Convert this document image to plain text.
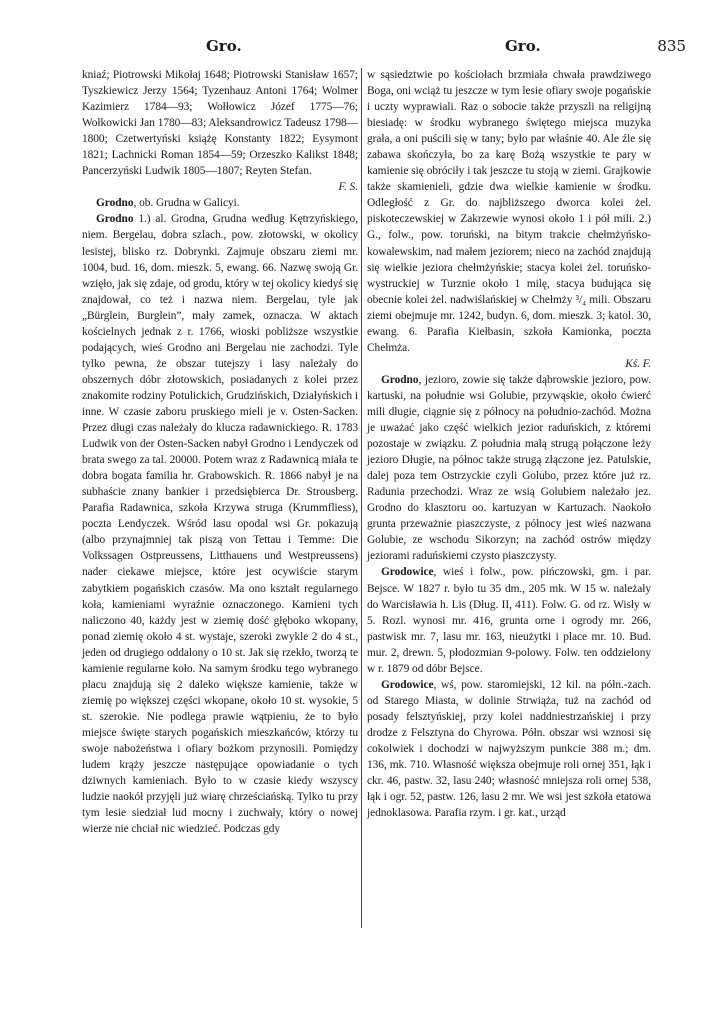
Gro.	Gro.	835

kniaź; Piotrowski Mikołaj 1648; Piotrowski Stanisław 1657; Tyszkiewicz Jerzy 1564; Tyzenhauz Antoni 1764; Wolmer Kazimierz 1784—93; Wołłowicz Józef 1775—76; Wołkowicki Jan 1780—83; Aleksandrowicz Tadeusz 1798—1800; Czetwertyński książę Konstanty 1822; Eysymont 1821; Lachnicki Roman 1854—59; Orzeszko Kalikst 1848; Pancerzyński Ludwik 1805—1807; Reyten Stefan.
F. S.

Grodno, ob. Grudna w Galicyi.

Grodno 1.) al. Grodna, Grudna według Kętrzyńskiego, niem. Bergelau, dobra szlach., pow. złotowski, w okolicy lesistej, blisko rz. Dobrynki. Zajmuje obszaru ziemi mr. 1004, bud. 16, dom. mieszk. 5, ewang. 66. Nazwę swoją Gr. wzięło, jak się zdaje, od grodu, który w tej okolicy kiedyś się znajdował, co też i nazwa niem. Bergelau, tyle jak „Bürglein, Burglein”, mały zamek, oznacza. W aktach kościelnych jednak z r. 1766, wioski pobliższe wszystkie podających, wieś Grodno ani Bergelau nie zachodzi. Tyle tylko pewna, że obszar tutejszy i lasy należały do obszernych dóbr złotowskich, posiadanych z kolei przez znakomite rodziny Potulickich, Grudzińskich, Działyńskich i inne. W czasie zaboru pruskiego mieli je v. Osten-Sacken. Przez długi czas należały do klucza radawnickiego. R. 1783 Ludwik von der Osten-Sacken nabył Grodno i Lendyczek od brata swego za tal. 20000. Potem wraz z Radawnicą miała te dobra bogata familia hr. Grabowskich. R. 1866 nabył je na subhaście znany bankier i przedsiębierca Dr. Strousberg. Parafia Radawnica, szkoła Krzywa struga (Krummfliess), poczta Lendyczek. Wśród lasu opodal wsi Gr. pokazują (albo przynajmniej tak piszą von Tettau i Temme: Die Volkssagen Ostpreussens, Litthauens und Westpreussens) nader ciekawe miejsce, które jest ocywiście starym zabytkiem pogańskich czasów. Ma ono kształt regularnego koła, kamieniami wyraźnie oznaczonego. Kamieni tych naliczono 40, każdy jest w ziemię dość głęboko wkopany, ponad ziemię około 4 st. wystaje, szeroki zwykle 2 do 4 st., jeden od drugiego oddalony o 10 st. Jak się rzekło, tworzą te kamienie regularne koło. Na samym środku tego wybranego placu znajdują się 2 daleko większe kamienie, także w ziemię po większej części wkopane, około 10 st. wysokie, 5 st. szerokie. Nie podlega prawie wątpieniu, że to było miejsce święte starych pogańskich mieszkańców, którzy tu swoje nabożeństwa i ofiary bożkom przynosili. Pomiędzy ludem krąży jeszcze następujące opowiadanie o tych dziwnych kamieniach. Było to w czasie kiedy wszyscy ludzie naokół przyjęli już wiarę chrześciańską. Tylko tu przy tym lesie siedział lud mocny i zuchwały, który o nowej wierze nie chciał nic wiedzieć. Podczas gdy

w sąsiedztwie po kościołach brzmiała chwała prawdziwego Boga, oni wciąż tu jeszcze w tym lesie ofiary swoje pogańskie i uczty wyprawiali. Raz o sobocie także przyszli na religijną biesiadę: w środku wybranego świętego miejsca muzyka grała, a oni puścili się w tany; było par właśnie 40. Ale źle się zabawa skończyła, bo za karę Bożą wszystkie te pary w kamienie się obróciły i tak jeszcze tu stoją w ziemi. Grajkowie także skamienieli, gdzie dwa wielkie kamienie w środku. Odległość z Gr. do najbliższego dworca kolei żel. piskoteczewskiej w Zakrzewie wynosi około 1 i pół mili. 2.) G., folw., pow. toruński, na bitym trakcie chełmżyńsko-kowalewskim, nad małem jeziorem; nieco na zachód znajdują się wielkie jeziora chełmżyńskie; stacya kolei żel. toruńsko-wystruckiej w Turznie około 1 milę, stacya budująca się obecnie kolei żel. nadwiślańskiej w Chełmży ³/₄ mili. Obszaru ziemi obejmuje mr. 1242, budyn. 6, dom. mieszk. 3; katol. 30, ewang. 6. Parafia Kiełbasin, szkoła Kamionka, poczta Chełmża.
Kś. F.

Grodno, jezioro, zowie się także dąbrowskie jezioro, pow. kartuski, na południe wsi Golubie, przywąskie, około ćwierć mili długie, ciągnie się z północy na południo-zachód. Można je uważać jako część wielkich jezior raduńskich, z któremi pozostaje w związku. Z południa małą strugą połączone leży jezioro Długie, na północ także strugą złączone jez. Patulskie, dalej poza tem Ostrzyckie czyli Golubo, przez które już rz. Radunia przechodzi. Wraz ze wsią Golubiem należało jez. Grodno do klasztoru oo. kartuzyan w Kartuzach. Naokoło grunta przeważnie piaszczyste, z północy jest wieś nazwana Golubie, ze wschodu Sikorzyn; na zachód ostrów między jeziorami raduńskiemi czysto piaszczysty.

Grodowice, wieś i folw., pow. pińczowski, gm. i par. Bejsce. W 1827 r. było tu 35 dm., 205 mk. W 15 w. należały do Warcisławia h. Lis (Dług. II, 411). Folw. G. od rz. Wisły w 5. Rozl. wynosi mr. 416, grunta orne i ogrody mr. 266, pastwisk mr. 7, lasu mr. 163, nieużytki i place mr. 10. Bud. mur. 2, drewn. 5, płodozmian 9-polowy. Folw. ten oddzielony w r. 1879 od dóbr Bejsce.

Grodowice, wś, pow. staromiejski, 12 kil. na półn.-zach. od Starego Miasta, w dolinie Strwiąża, tuż na zachód od posady felsztyńskiej, przy kolei naddniestrzańskiej i przy drodze z Felsztyna do Chyrowa. Półn. obszar wsi wznosi się cokolwiek i dochodzi w najwyższym punkcie 388 m.; dm. 136, mk. 710. Własność większa obejmuje roli ornej 351, łąk i ckr. 46, pastw. 32, lasu 240; własność mniejsza roli ornej 538, łąk i ogr. 52, pastw. 126, lasu 2 mr. We wsi jest szkoła etatowa jednoklasowa. Parafia rzym. i gr. kat., urząd
